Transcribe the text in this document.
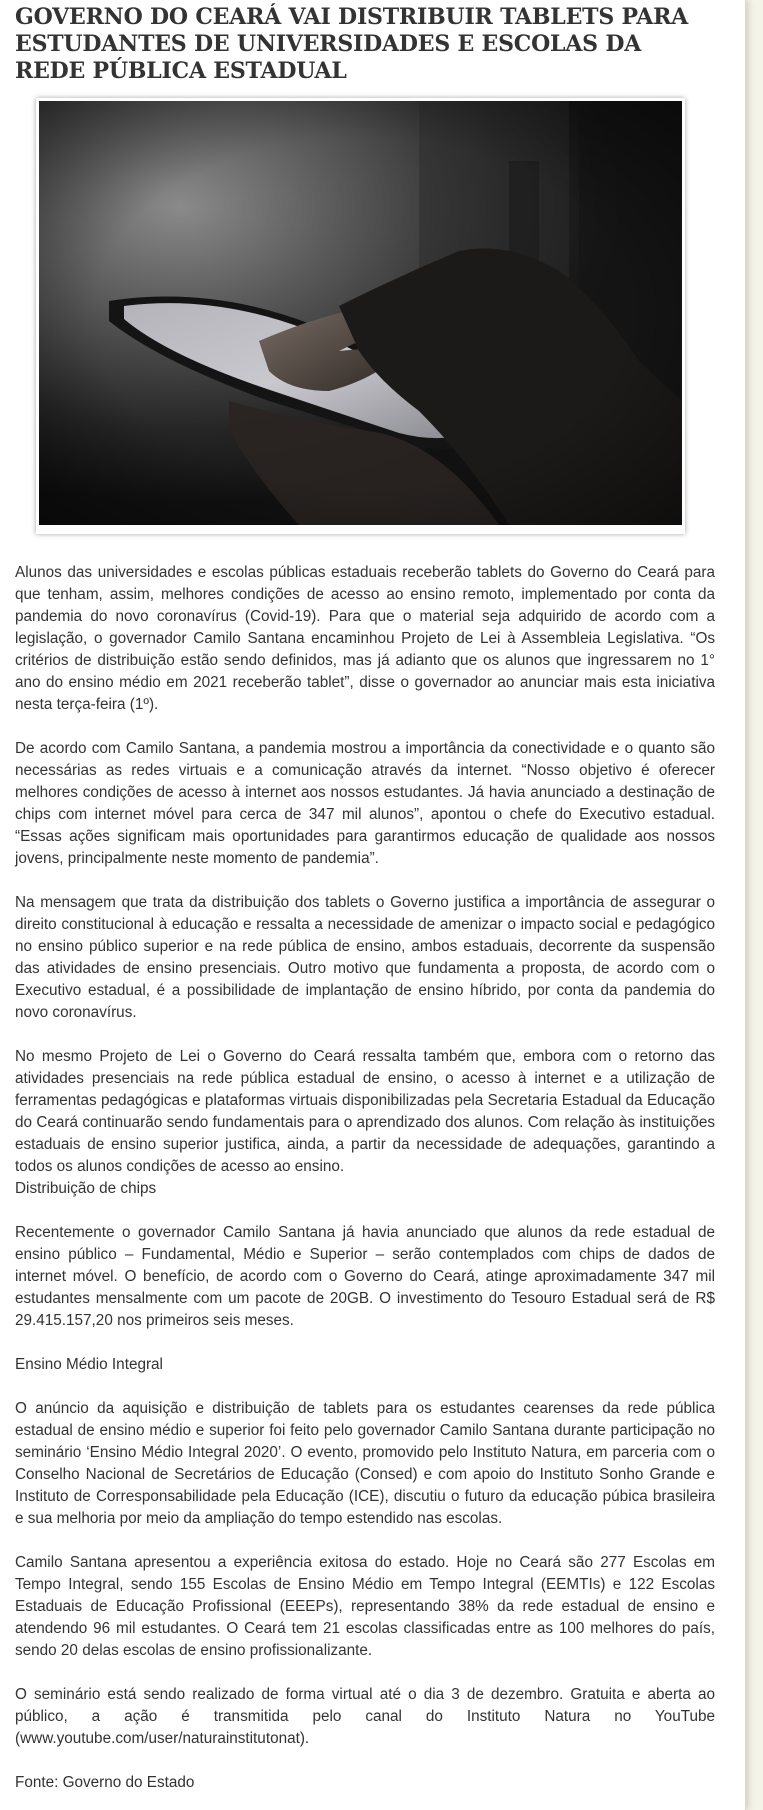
GOVERNO DO CEARÁ VAI DISTRIBUIR TABLETS PARA ESTUDANTES DE UNIVERSIDADES E ESCOLAS DA REDE PÚBLICA ESTADUAL

Alunos das universidades e escolas públicas estaduais receberão tablets do Governo do Ceará para que tenham, assim, melhores condições de acesso ao ensino remoto, implementado por conta da pandemia do novo coronavírus (Covid-19). Para que o material seja adquirido de acordo com a legislação, o governador Camilo Santana encaminhou Projeto de Lei à Assembleia Legislativa. “Os critérios de distribuição estão sendo definidos, mas já adianto que os alunos que ingressarem no 1° ano do ensino médio em 2021 receberão tablet”, disse o governador ao anunciar mais esta iniciativa nesta terça-feira (1º).

De acordo com Camilo Santana, a pandemia mostrou a importância da conectividade e o quanto são necessárias as redes virtuais e a comunicação através da internet. “Nosso objetivo é oferecer melhores condições de acesso à internet aos nossos estudantes. Já havia anunciado a destinação de chips com internet móvel para cerca de 347 mil alunos”, apontou o chefe do Executivo estadual. “Essas ações significam mais oportunidades para garantirmos educação de qualidade aos nossos jovens, principalmente neste momento de pandemia”.

Na mensagem que trata da distribuição dos tablets o Governo justifica a importância de assegurar o direito constitucional à educação e ressalta a necessidade de amenizar o impacto social e pedagógico no ensino público superior e na rede pública de ensino, ambos estaduais, decorrente da suspensão das atividades de ensino presenciais. Outro motivo que fundamenta a proposta, de acordo com o Executivo estadual, é a possibilidade de implantação de ensino híbrido, por conta da pandemia do novo coronavírus.

No mesmo Projeto de Lei o Governo do Ceará ressalta também que, embora com o retorno das atividades presenciais na rede pública estadual de ensino, o acesso à internet e a utilização de ferramentas pedagógicas e plataformas virtuais disponibilizadas pela Secretaria Estadual da Educação do Ceará continuarão sendo fundamentais para o aprendizado dos alunos. Com relação às instituições estaduais de ensino superior justifica, ainda, a partir da necessidade de adequações, garantindo a todos os alunos condições de acesso ao ensino.

Distribuição de chips

Recentemente o governador Camilo Santana já havia anunciado que alunos da rede estadual de ensino público – Fundamental, Médio e Superior – serão contemplados com chips de dados de internet móvel. O benefício, de acordo com o Governo do Ceará, atinge aproximadamente 347 mil estudantes mensalmente com um pacote de 20GB. O investimento do Tesouro Estadual será de R$ 29.415.157,20 nos primeiros seis meses.

Ensino Médio Integral

O anúncio da aquisição e distribuição de tablets para os estudantes cearenses da rede pública estadual de ensino médio e superior foi feito pelo governador Camilo Santana durante participação no seminário ‘Ensino Médio Integral 2020’. O evento, promovido pelo Instituto Natura, em parceria com o Conselho Nacional de Secretários de Educação (Consed) e com apoio do Instituto Sonho Grande e Instituto de Corresponsabilidade pela Educação (ICE), discutiu o futuro da educação púbica brasileira e sua melhoria por meio da ampliação do tempo estendido nas escolas.

Camilo Santana apresentou a experiência exitosa do estado. Hoje no Ceará são 277 Escolas em Tempo Integral, sendo 155 Escolas de Ensino Médio em Tempo Integral (EEMTIs) e 122 Escolas Estaduais de Educação Profissional (EEEPs), representando 38% da rede estadual de ensino e atendendo 96 mil estudantes. O Ceará tem 21 escolas classificadas entre as 100 melhores do país, sendo 20 delas escolas de ensino profissionalizante.

O seminário está sendo realizado de forma virtual até o dia 3 de dezembro. Gratuita e aberta ao público, a ação é transmitida pelo canal do Instituto Natura no YouTube (www.youtube.com/user/naturainstitutonat).

Fonte: Governo do Estado
